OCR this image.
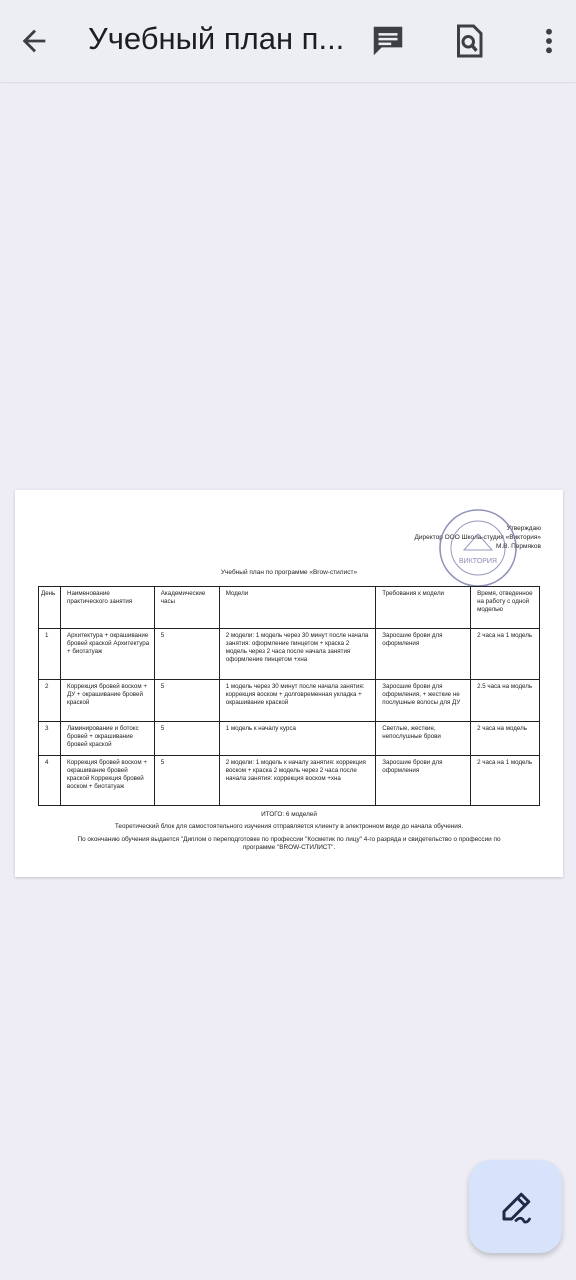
Учебный план п...
Утверждаю
Директор ООО Школа-студия «Виктория»
М.В. Пермяков
ВИКТОРИЯ
Учебный план по программе «Brow-стилист»
День	Наименование практического занятия	Академические часы	Модели	Требования к модели	Время, отведенное на работу с одной моделью
1	Архитектура + окрашивание бровей краской Архитектура + биотатуаж	5	2 модели: 1 модель через 30 минут после начала занятия: оформление пинцетом + краска 2 модель через 2 часа после начала занятия оформление пинцетом +хна	Заросшие брови для оформления	2 часа на 1 модель
2	Коррекция бровей воском + ДУ + окрашивание бровей краской	5	1 модель через 30 минут после начала занятия: коррекция воском + долговременная укладка + окрашивание краской	Заросшие брови для оформления, + жесткие не послушные волосы для ДУ	2.5 часа на модель
3	Ламинирование и ботокс бровей + окрашивание бровей краской	5	1 модель к началу курса	Светлые, жесткие, непослушные брови	2 часа на модель
4	Коррекция бровей воском + окрашивание бровей краской Коррекция бровей воском + биотатуаж	5	2 модели: 1 модель к началу занятия: коррекция воском + краска 2 модель через 2 часа после начала занятия: коррекция воском +хна	Заросшие брови для оформления	2 часа на 1 модель
ИТОГО: 6 моделей
Теоретический блок для самостоятельного изучения отправляется клиенту в электронном виде до начала обучения.
По окончанию обучения выдается "Диплом о переподготовке по профессии "Косметик по лицу" 4-го разряда и свидетельство о профессии по программе "BROW-СТИЛИСТ".
